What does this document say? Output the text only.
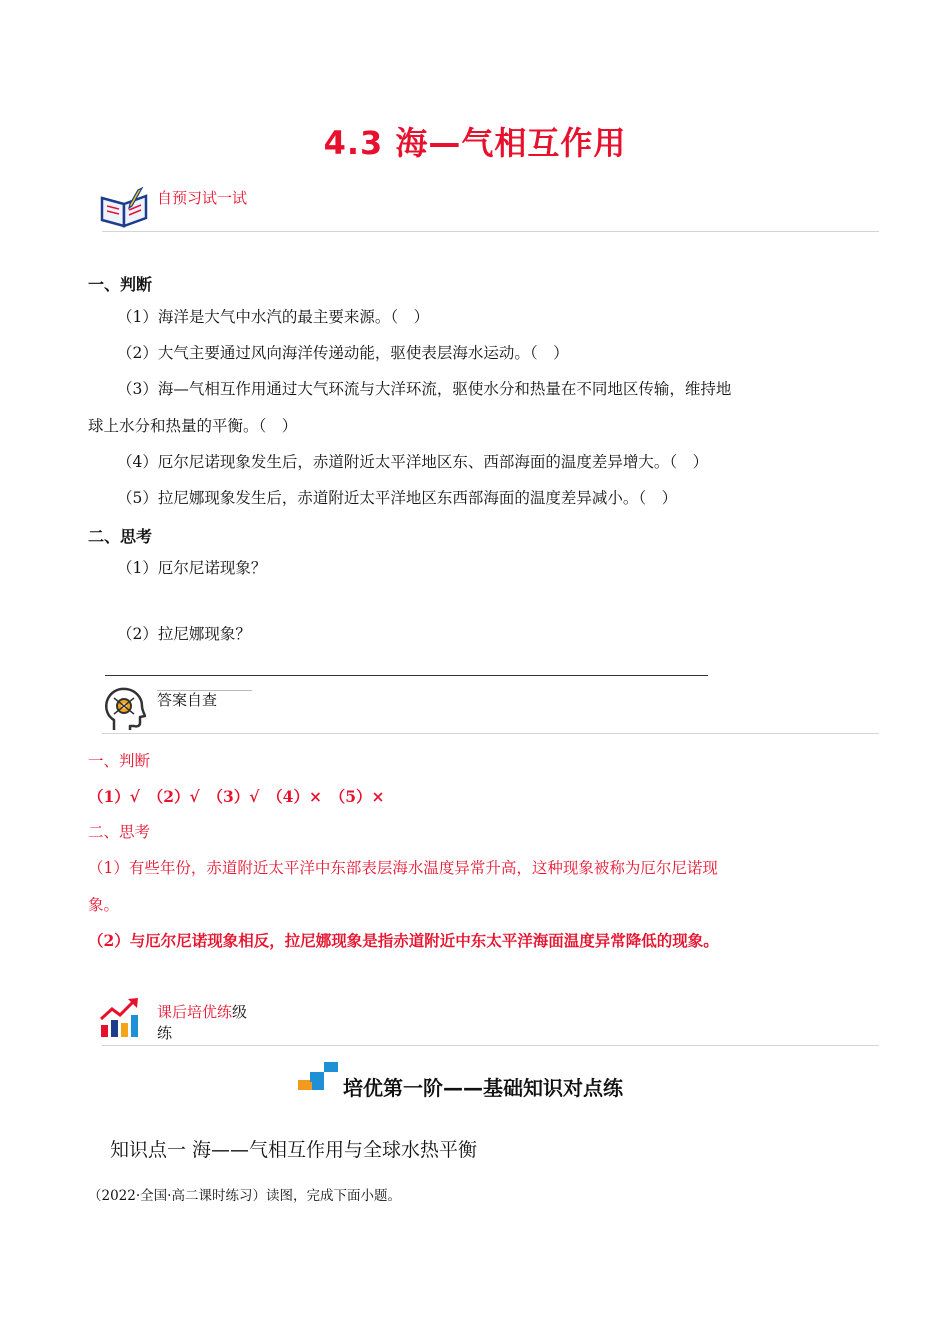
4.3 海—气相互作用
自预习试一试
一、判断
（1）海洋是大气中水汽的最主要来源。（　）
（2）大气主要通过风向海洋传递动能，驱使表层海水运动。（　）
（3）海—气相互作用通过大气环流与大洋环流，驱使水分和热量在不同地区传输，维持地
球上水分和热量的平衡。（　）
（4）厄尔尼诺现象发生后，赤道附近太平洋地区东、西部海面的温度差异增大。（　）
（5）拉尼娜现象发生后，赤道附近太平洋地区东西部海面的温度差异减小。（　）
二、思考
（1）厄尔尼诺现象？
（2）拉尼娜现象？
答案自查
一、判断
（1）√　（2）√　（3）√　（4）×　（5）×
二、思考
（1）有些年份，赤道附近太平洋中东部表层海水温度异常升高，这种现象被称为厄尔尼诺现
象。
（2）与厄尔尼诺现象相反，拉尼娜现象是指赤道附近中东太平洋海面温度异常降低的现象。
课后培优练级
练
培优第一阶——基础知识对点练
知识点一 海——气相互作用与全球水热平衡
（2022·全国·高二课时练习）读图，完成下面小题。
